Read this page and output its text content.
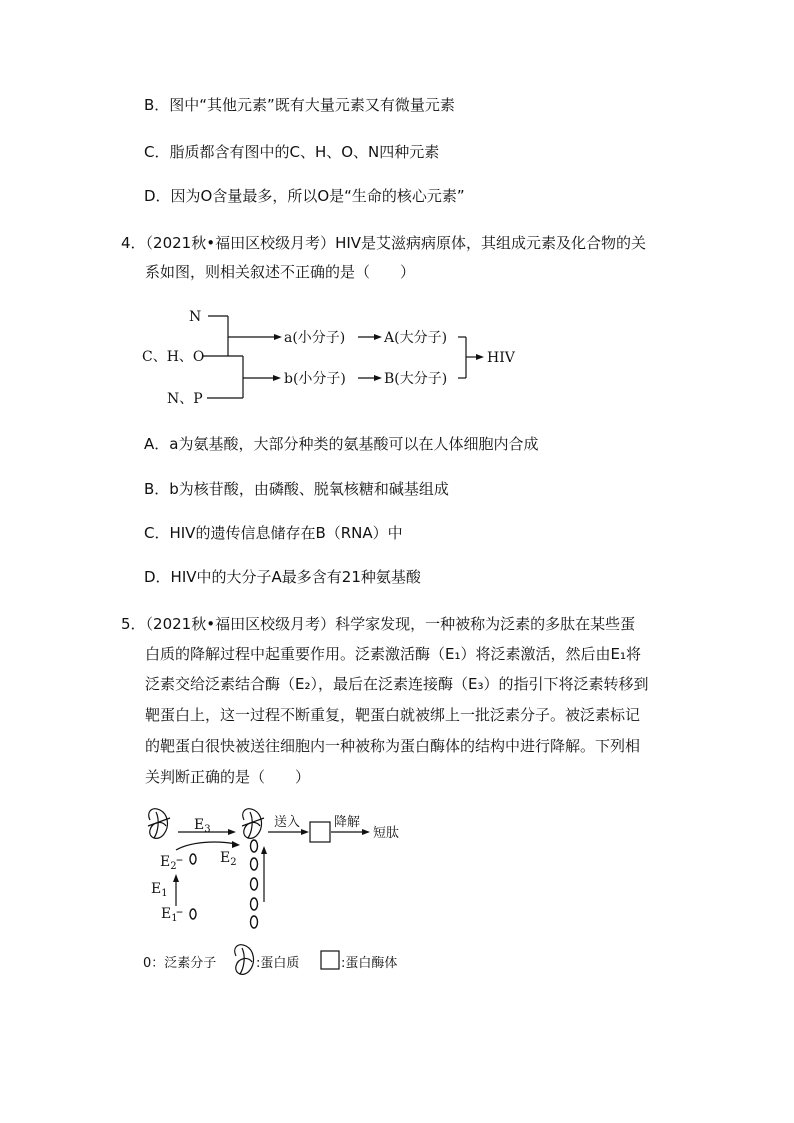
B．图中“其他元素”既有大量元素又有微量元素
C．脂质都含有图中的C、H、O、N四种元素
D．因为O含量最多，所以O是“生命的核心元素”
4．（2021秋•福田区校级月考）HIV是艾滋病病原体，其组成元素及化合物的关
系如图，则相关叙述不正确的是（　　）
N
C、H、O
N、P
a(小分子)	A(大分子)
b(小分子)	B(大分子)
HIV
A．a为氨基酸，大部分种类的氨基酸可以在人体细胞内合成
B．b为核苷酸，由磷酸、脱氧核糖和碱基组成
C．HIV的遗传信息储存在B（RNA）中
D．HIV中的大分子A最多含有21种氨基酸
5．（2021秋•福田区校级月考）科学家发现，一种被称为泛素的多肽在某些蛋
白质的降解过程中起重要作用。泛素激活酶（E₁）将泛素激活，然后由E₁将
泛素交给泛素结合酶（E₂），最后在泛素连接酶（E₃）的指引下将泛素转移到
靶蛋白上，这一过程不断重复，靶蛋白就被绑上一批泛素分子。被泛素标记
的靶蛋白很快被送往细胞内一种被称为蛋白酶体的结构中进行降解。下列相
关判断正确的是（　　）
$E_3$
$E_2$ –	$E_2$
$E_1$
$E_1$
–
送入	降解
短肽
0：泛素分子	:蛋白质	:蛋白酶体
